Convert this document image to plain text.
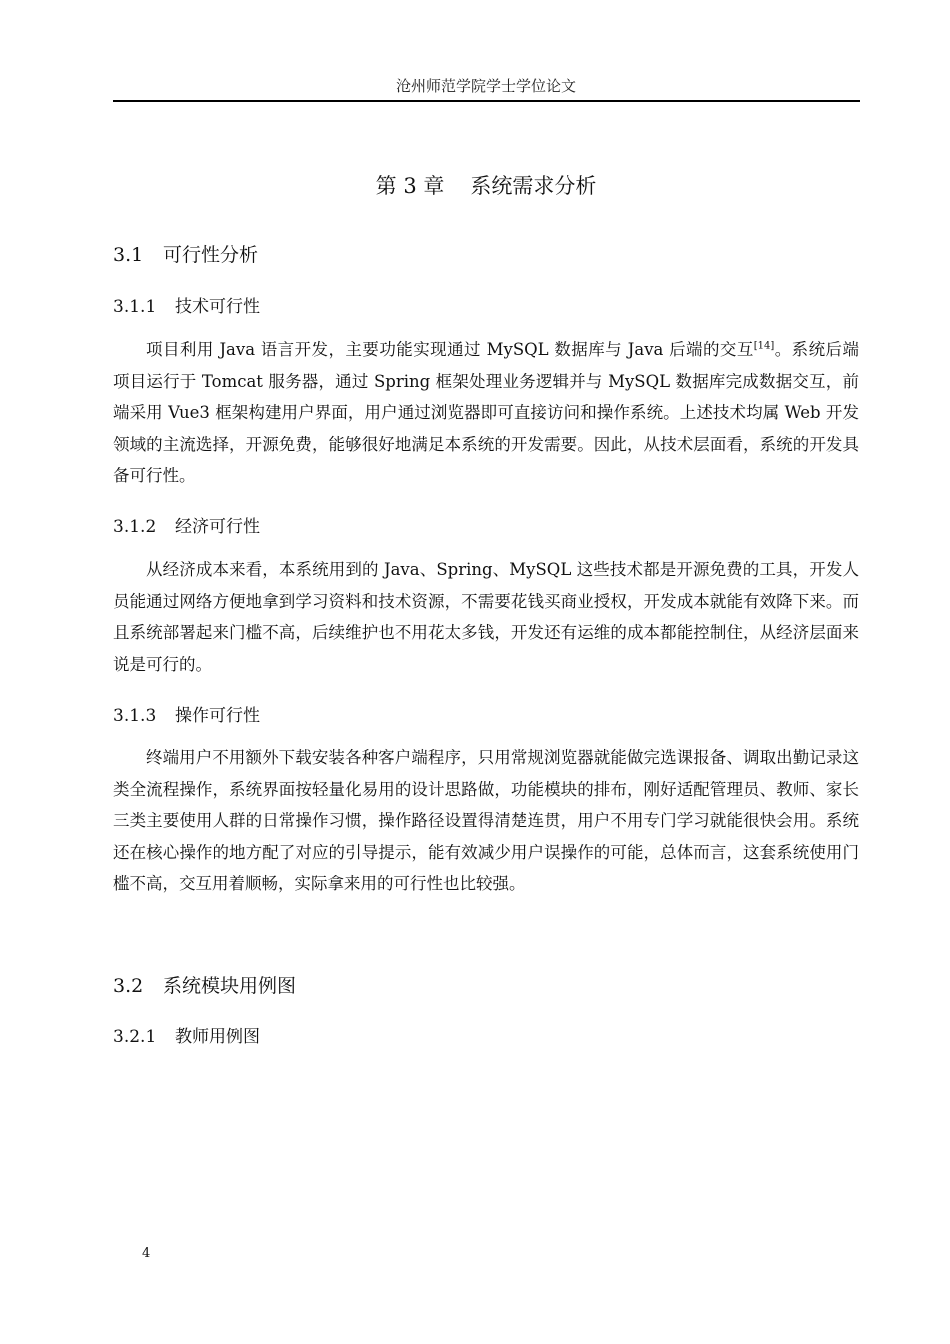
沧州师范学院学士学位论文
第 3 章 系统需求分析
3.1 可行性分析
3.1.1 技术可行性

项目利用 Java 语言开发，主要功能实现通过 MySQL 数据库与 Java 后端的交互[14]。系统后端项目运行于 Tomcat 服务器，通过 Spring 框架处理业务逻辑并与 MySQL 数据库完成数据交互，前端采用 Vue3 框架构建用户界面，用户通过浏览器即可直接访问和操作系统。上述技术均属 Web 开发领域的主流选择，开源免费，能够很好地满足本系统的开发需要。因此，从技术层面看，系统的开发具备可行性。

3.1.2 经济可行性

从经济成本来看，本系统用到的 Java、Spring、MySQL 这些技术都是开源免费的工具，开发人员能通过网络方便地拿到学习资料和技术资源，不需要花钱买商业授权，开发成本就能有效降下来。而且系统部署起来门槛不高，后续维护也不用花太多钱，开发还有运维的成本都能控制住，从经济层面来说是可行的。

3.1.3 操作可行性

终端用户不用额外下载安装各种客户端程序，只用常规浏览器就能做完选课报备、调取出勤记录这类全流程操作，系统界面按轻量化易用的设计思路做，功能模块的排布，刚好适配管理员、教师、家长三类主要使用人群的日常操作习惯，操作路径设置得清楚连贯，用户不用专门学习就能很快会用。系统还在核心操作的地方配了对应的引导提示，能有效减少用户误操作的可能，总体而言，这套系统使用门槛不高，交互用着顺畅，实际拿来用的可行性也比较强。

3.2 系统模块用例图
3.2.1 教师用例图
4
